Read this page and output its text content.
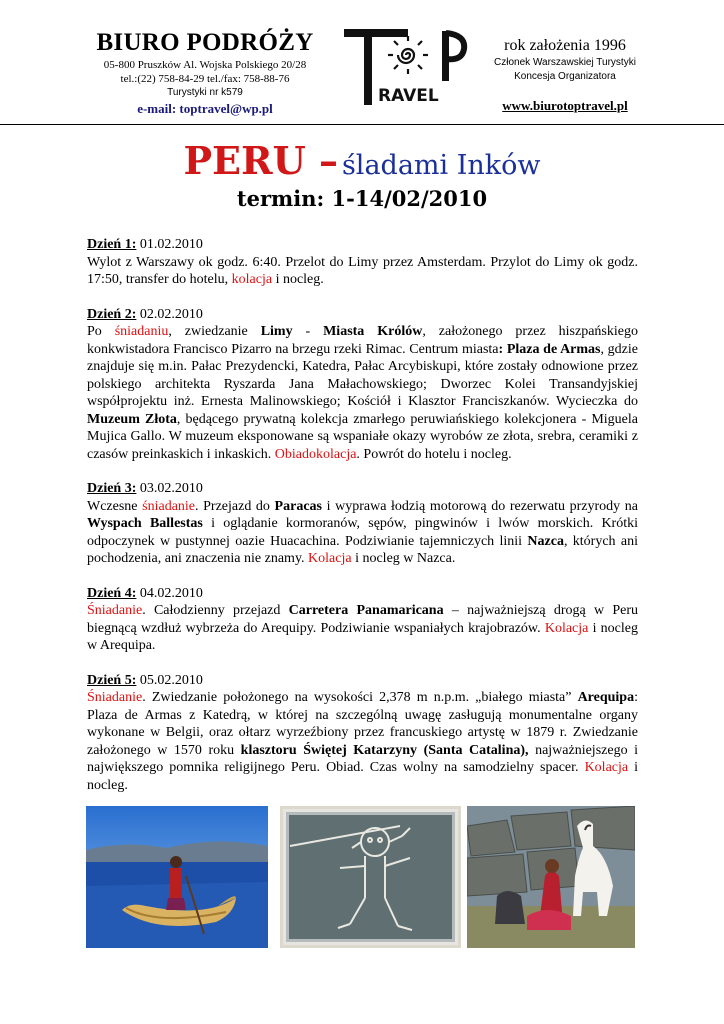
BIURO PODRÓŻY
05-800 Pruszków Al. Wojska Polskiego 20/28
tel.:(22) 758-84-29 tel./fax: 758-88-76
Turystyki nr k579
e-mail: toptravel@wp.pl
RAVEL
rok założenia 1996
Członek Warszawskiej Turystyki
Koncesja Organizatora
www.biurotoptravel.pl
PERU – śladami Inków
termin: 1-14/02/2010
Dzień 1: 01.02.2010
Wylot z Warszawy ok godz. 6:40. Przelot do Limy przez Amsterdam. Przylot do Limy ok godz. 17:50, transfer do hotelu, kolacja i nocleg.
Dzień 2: 02.02.2010
Po śniadaniu, zwiedzanie Limy - Miasta Królów, założonego przez hiszpańskiego konkwistadora Francisco Pizarro na brzegu rzeki Rimac. Centrum miasta: Plaza de Armas, gdzie znajduje się m.in. Pałac Prezydencki, Katedra, Pałac Arcybiskupi, które zostały odnowione przez polskiego architekta Ryszarda Jana Małachowskiego; Dworzec Kolei Transandyjskiej współprojektu inż. Ernesta Malinowskiego; Kościół i Klasztor Franciszkanów. Wycieczka do Muzeum Złota, będącego prywatną kolekcja zmarłego peruwiańskiego kolekcjonera - Miguela Mujica Gallo. W muzeum eksponowane są wspaniałe okazy wyrobów ze złota, srebra, ceramiki z czasów preinkaskich i inkaskich. Obiadokolacja. Powrót do hotelu i nocleg.
Dzień 3: 03.02.2010
Wczesne śniadanie. Przejazd do Paracas i wyprawa łodzią motorową do rezerwatu przyrody na Wyspach Ballestas i oglądanie kormoranów, sępów, pingwinów i lwów morskich. Krótki odpoczynek w pustynnej oazie Huacachina. Podziwianie tajemniczych linii Nazca, których ani pochodzenia, ani znaczenia nie znamy. Kolacja i nocleg w Nazca.
Dzień 4: 04.02.2010
Śniadanie. Całodzienny przejazd Carretera Panamaricana – najważniejszą drogą w Peru biegnącą wzdłuż wybrzeża do Arequipy. Podziwianie wspaniałych krajobrazów. Kolacja i nocleg w Arequipa.
Dzień 5: 05.02.2010
Śniadanie. Zwiedzanie położonego na wysokości 2,378 m n.p.m. „białego miasta” Arequipa: Plaza de Armas z Katedrą, w której na szczególną uwagę zasługują monumentalne organy wykonane w Belgii, oraz ołtarz wyrzeźbiony przez francuskiego artystę w 1879 r. Zwiedzanie założonego w 1570 roku klasztoru Świętej Katarzyny (Santa Catalina), najważniejszego i największego pomnika religijnego Peru. Obiad. Czas wolny na samodzielny spacer. Kolacja i nocleg.
